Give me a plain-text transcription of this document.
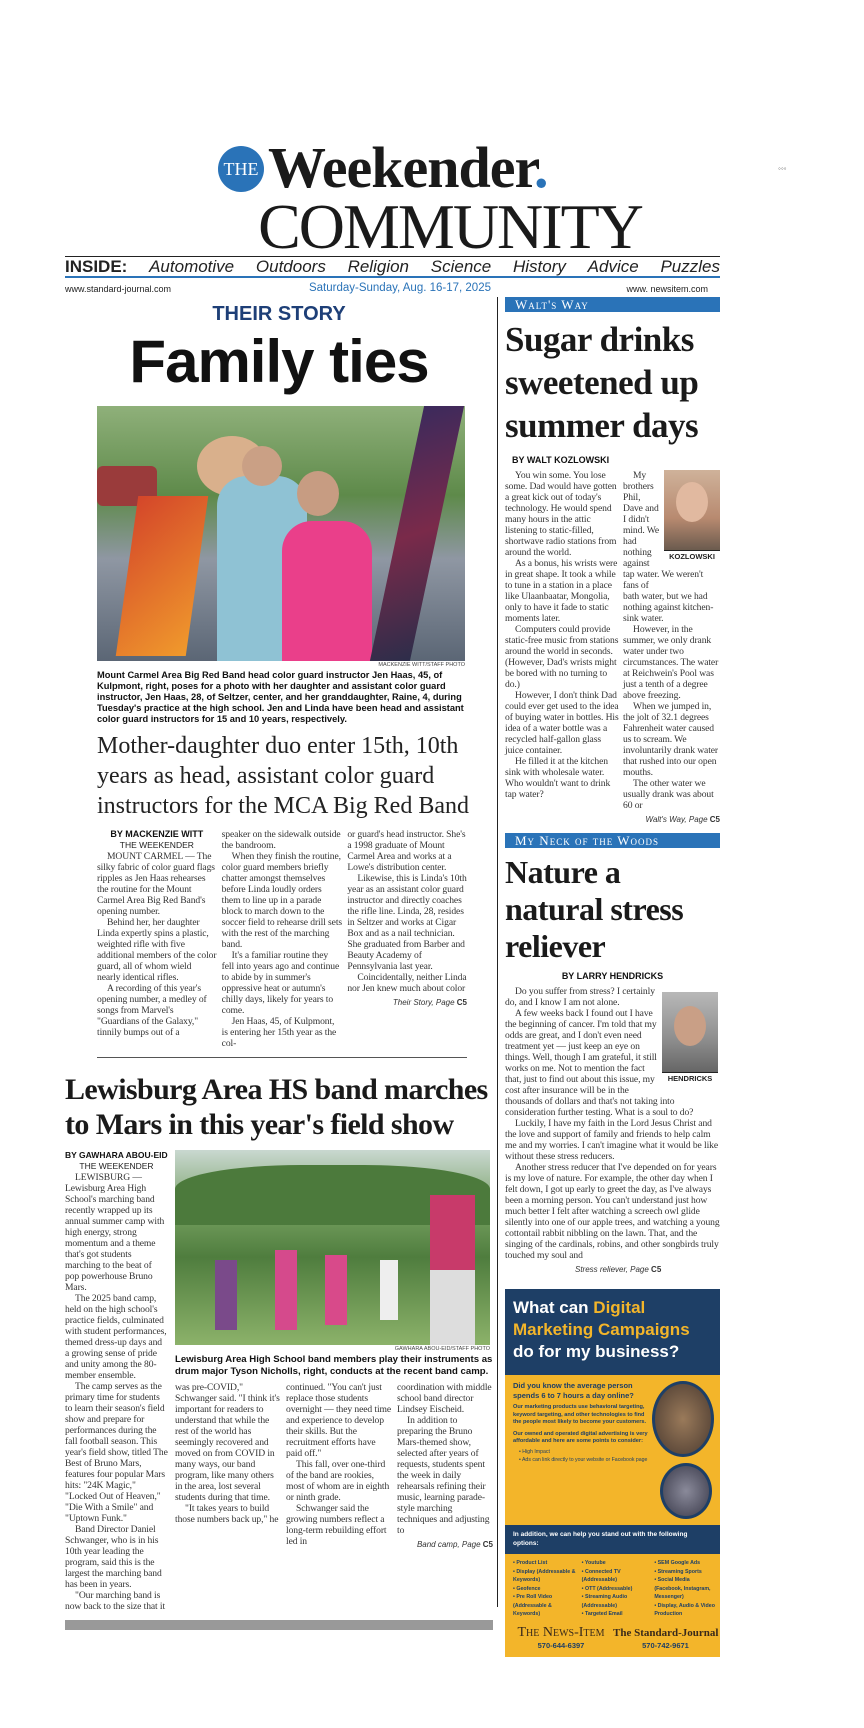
◦◦◦
THE Weekender.
COMMUNITY
INSIDE: Automotive Outdoors Religion Science History Advice Puzzles
www.standard-journal.com	Saturday-Sunday, Aug. 16-17, 2025	www. newsitem.com
THEIR STORY
Family ties
MACKENZIE WITT/STAFF PHOTO
Mount Carmel Area Big Red Band head color guard instructor Jen Haas, 45, of Kulpmont, right, poses for a photo with her daughter and assistant color guard instructor, Jen Haas, 28, of Seltzer, center, and her granddaughter, Raine, 4, during Tuesday's practice at the high school. Jen and Linda have been head and assistant color guard instructors for 15 and 10 years, respectively.
Mother-daughter duo enter 15th, 10th years as head, assistant color guard instructors for the MCA Big Red Band
BY MACKENZIE WITT
THE WEEKENDER

MOUNT CARMEL — The silky fabric of color guard flags ripples as Jen Haas rehearses the routine for the Mount Carmel Area Big Red Band's opening number.

Behind her, her daughter Linda expertly spins a plastic, weighted rifle with five additional members of the color guard, all of whom wield nearly identical rifles.

A recording of this year's opening number, a medley of songs from Marvel's "Guardians of the Galaxy," tinnily bumps out of a

speaker on the sidewalk outside the bandroom.

When they finish the routine, color guard members briefly chatter amongst themselves before Linda loudly orders them to line up in a parade block to march down to the soccer field to rehearse drill sets with the rest of the marching band.

It's a familiar routine they fell into years ago and continue to abide by in summer's oppressive heat or autumn's chilly days, likely for years to come.

Jen Haas, 45, of Kulpmont, is entering her 15th year as the col-

or guard's head instructor. She's a 1998 graduate of Mount Carmel Area and works at a Lowe's distribution center.

Likewise, this is Linda's 10th year as an assistant color guard instructor and directly coaches the rifle line. Linda, 28, resides in Seltzer and works at Cigar Box and as a nail technician. She graduated from Barber and Beauty Academy of Pennsylvania last year.

Coincidentally, neither Linda nor Jen knew much about color

Their Story, Page C5
Lewisburg Area HS band marches to Mars in this year's field show
BY GAWHARA ABOU-EID
THE WEEKENDER

LEWISBURG — Lewisburg Area High School's marching band recently wrapped up its annual summer camp with high energy, strong momentum and a theme that's got students marching to the beat of pop powerhouse Bruno Mars.

The 2025 band camp, held on the high school's practice fields, culminated with student performances, themed dress-up days and a growing sense of pride and unity among the 80-member ensemble.

The camp serves as the primary time for students to learn their season's field show and prepare for performances during the fall football season. This year's field show, titled The Best of Bruno Mars, features four popular Mars hits: "24K Magic," "Locked Out of Heaven," "Die With a Smile" and "Uptown Funk."

Band Director Daniel Schwanger, who is in his 10th year leading the program, said this is the largest the marching band has been in years.

"Our marching band is now back to the size that it

GAWHARA ABOU-EID/STAFF PHOTO
Lewisburg Area High School band members play their instruments as drum major Tyson Nicholls, right, conducts at the recent band camp.

was pre-COVID," Schwanger said. "I think it's important for readers to understand that while the rest of the world has seemingly recovered and moved on from COVID in many ways, our band program, like many others in the area, lost several students during that time.

"It takes years to build those numbers back up," he

continued. "You can't just replace those students overnight — they need time and experience to develop their skills. But the recruitment efforts have paid off."

This fall, over one-third of the band are rookies, most of whom are in eighth or ninth grade.

Schwanger said the growing numbers reflect a long-term rebuilding effort led in

coordination with middle school band director Lindsey Eischeid.

In addition to preparing the Bruno Mars-themed show, selected after years of requests, students spent the week in daily rehearsals refining their music, learning parade-style marching techniques and adjusting to

Band camp, Page C5
Walt's Way
Sugar drinks sweetened up summer days
BY WALT KOZLOWSKI

You win some. You lose some. Dad would have gotten a great kick out of today's technology. He would spend many hours in the attic listening to static-filled, shortwave radio stations from around the world.

As a bonus, his wrists were in great shape. It took a while to tune in a station in a place like Ulaanbaatar, Mongolia, only to have it fade to static moments later.

Computers could provide static-free music from stations around the world in seconds. (However, Dad's wrists might be bored with no turning to do.)

However, I don't think Dad could ever get used to the idea of buying water in bottles. His idea of a water bottle was a recycled half-gallon glass juice container.

He filled it at the kitchen sink with wholesale water. Who wouldn't want to drink tap water?

KOZLOWSKI

My brothers Phil, Dave and I didn't mind. We had nothing against tap water. We weren't fans of

bath water, but we had nothing against kitchen-sink water.

However, in the summer, we only drank water under two circumstances. The water at Reichwein's Pool was just a tenth of a degree above freezing.

When we jumped in, the jolt of 32.1 degrees Fahrenheit water caused us to scream. We involuntarily drank water that rushed into our open mouths.

The other water we usually drank was about 60 or

Walt's Way, Page C5
My Neck of the Woods
Nature a natural stress reliever
BY LARRY HENDRICKS
HENDRICKS

Do you suffer from stress? I certainly do, and I know I am not alone.

A few weeks back I found out I have the beginning of cancer. I'm told that my odds are great, and I don't even need treatment yet — just keep an eye on things. Well, though I am grateful, it still works on me. Not to mention the fact that, just to find out about this issue, my cost after insurance will be in the thousands of dollars and that's not taking into consideration further testing. What is a soul to do?

Luckily, I have my faith in the Lord Jesus Christ and the love and support of family and friends to help calm me and my worries. I can't imagine what it would be like without these stress reducers.

Another stress reducer that I've depended on for years is my love of nature. For example, the other day when I felt down, I got up early to greet the day, as I've always been a morning person. You can't understand just how much better I felt after watching a screech owl glide silently into one of our apple trees, and watching a young cottontail rabbit nibbling on the lawn. That, and the singing of the cardinals, robins, and other songbirds truly touched my soul and

Stress reliever, Page C5
What can Digital Marketing Campaigns do for my business?
Did you know the average person spends 6 to 7 hours a day online?
Our marketing products use behavioral targeting, keyword targeting, and other technologies to find the people most likely to become your customers.
Our owned and operated digital advertising is very affordable and here are some points to consider:
• High Impact
• Ads can link directly to your website or Facebook page
In addition, we can help you stand out with the following options:
• Product List
• Display (Addressable & Keywords)
• Geofence
• Pre Roll Video (Addressable & Keywords)
• Youtube
• Connected TV (Addressable)
• OTT (Addressable)
• Streaming Audio (Addressable)
• Targeted Email
• SEM Google Ads
• Streaming Sports
• Social Media (Facebook, Instagram, Messenger)
• Display, Audio & Video Production
The News-Item
570-644-6397
The Standard-Journal
570-742-9671
